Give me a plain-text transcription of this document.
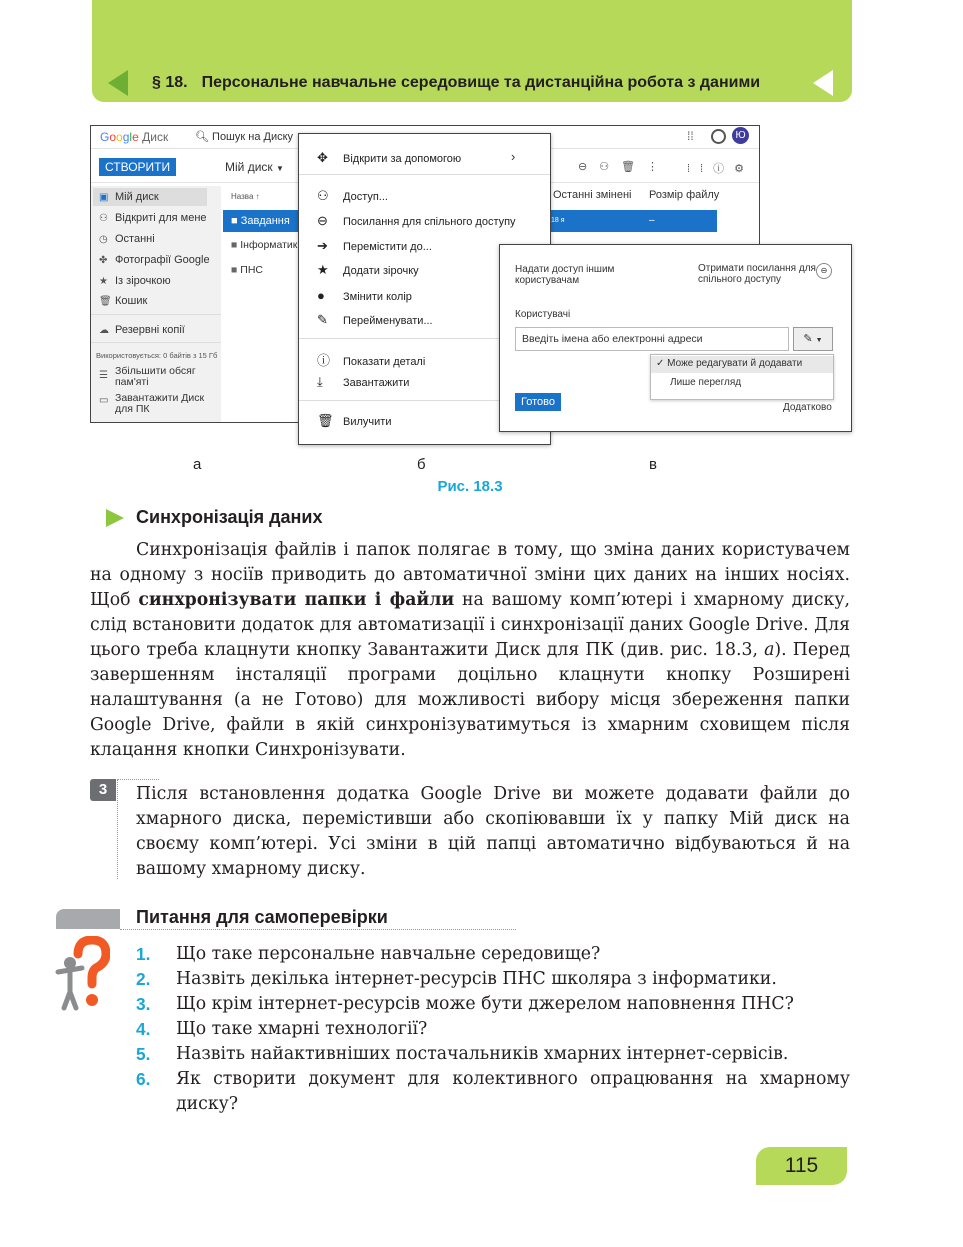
§ 18. Персональне навчальне середовище та дистанційна робота з даними
Google Диск 🔍︎ Пошук на Диску	⁞⁞	Ю
СТВОРИТИ	Мій диск ▼	⊖⚇🗑︎⋮ ⁞⁞ⓘ⚙︎
▣ Мій диск
⚇ Відкриті для мене
◷ Останні
✤ Фотографії Google
★ Із зірочкою
🗑︎ Кошик
☁ Резервні копії
Використовується: 0 байтів з 15 Гб
☰ Збільшити обсяг пам'яті
▭ Завантажити Диск для ПК
Назва ↑	Останні змінені Розмір файлу
■ Завдання	18 я	–
■ Інформатик
■ ПНС
✥ Відкрити за допомогою	›
⚇ Доступ...
⊖ Посилання для спільного доступу
➔ Перемістити до...
★ Додати зірочку
● Змінити колір
✎ Перейменувати...
ⓘ Показати деталі
⤓ Завантажити
🗑︎ Вилучити
Надати доступ іншим користувачам
Отримати посилання для спільного доступу
⊖
Користувачі
Введіть імена або електронні адреси	✎ ▼
✓ Може редагувати й додавати
Лише перегляд
Готово	Додатково
а	б	в
Рис. 18.3
Синхронізація даних
Синхронізація файлів і папок полягає в тому, що зміна даних користувачем на одному з носіїв приводить до автоматичної зміни цих даних на інших носіях. Щоб синхронізувати папки і файли на вашому комп’ютері і хмарному диску, слід встановити додаток для автоматизації і синхронізації даних Google Drive. Для цього треба клацнути кнопку Завантажити Диск для ПК (див. рис. 18.3, а). Перед завершенням інсталяції програми доцільно клацнути кнопку Розширені налаштування (а не Готово) для можливості вибору місця збереження папки Google Drive, файли в якій синхронізуватимуться із хмарним сховищем після клацання кнопки Синхронізувати.
3	Після встановлення додатка Google Drive ви можете додавати файли до хмарного диска, перемістивши або скопіювавши їх у папку Мій диск на своєму комп’ютері. Усі зміни в цій папці автоматично відбуваються й на вашому хмарному диску.
Питання для самоперевірки
1.	Що таке персональне навчальне середовище?
2.	Назвіть декілька інтернет-ресурсів ПНС школяра з інформатики.
3.	Що крім інтернет-ресурсів може бути джерелом наповнення ПНС?
4.	Що таке хмарні технології?
5.	Назвіть найактивніших постачальників хмарних інтернет-сервісів.
6.	Як створити документ для колективного опрацювання на хмарному диску?
115
